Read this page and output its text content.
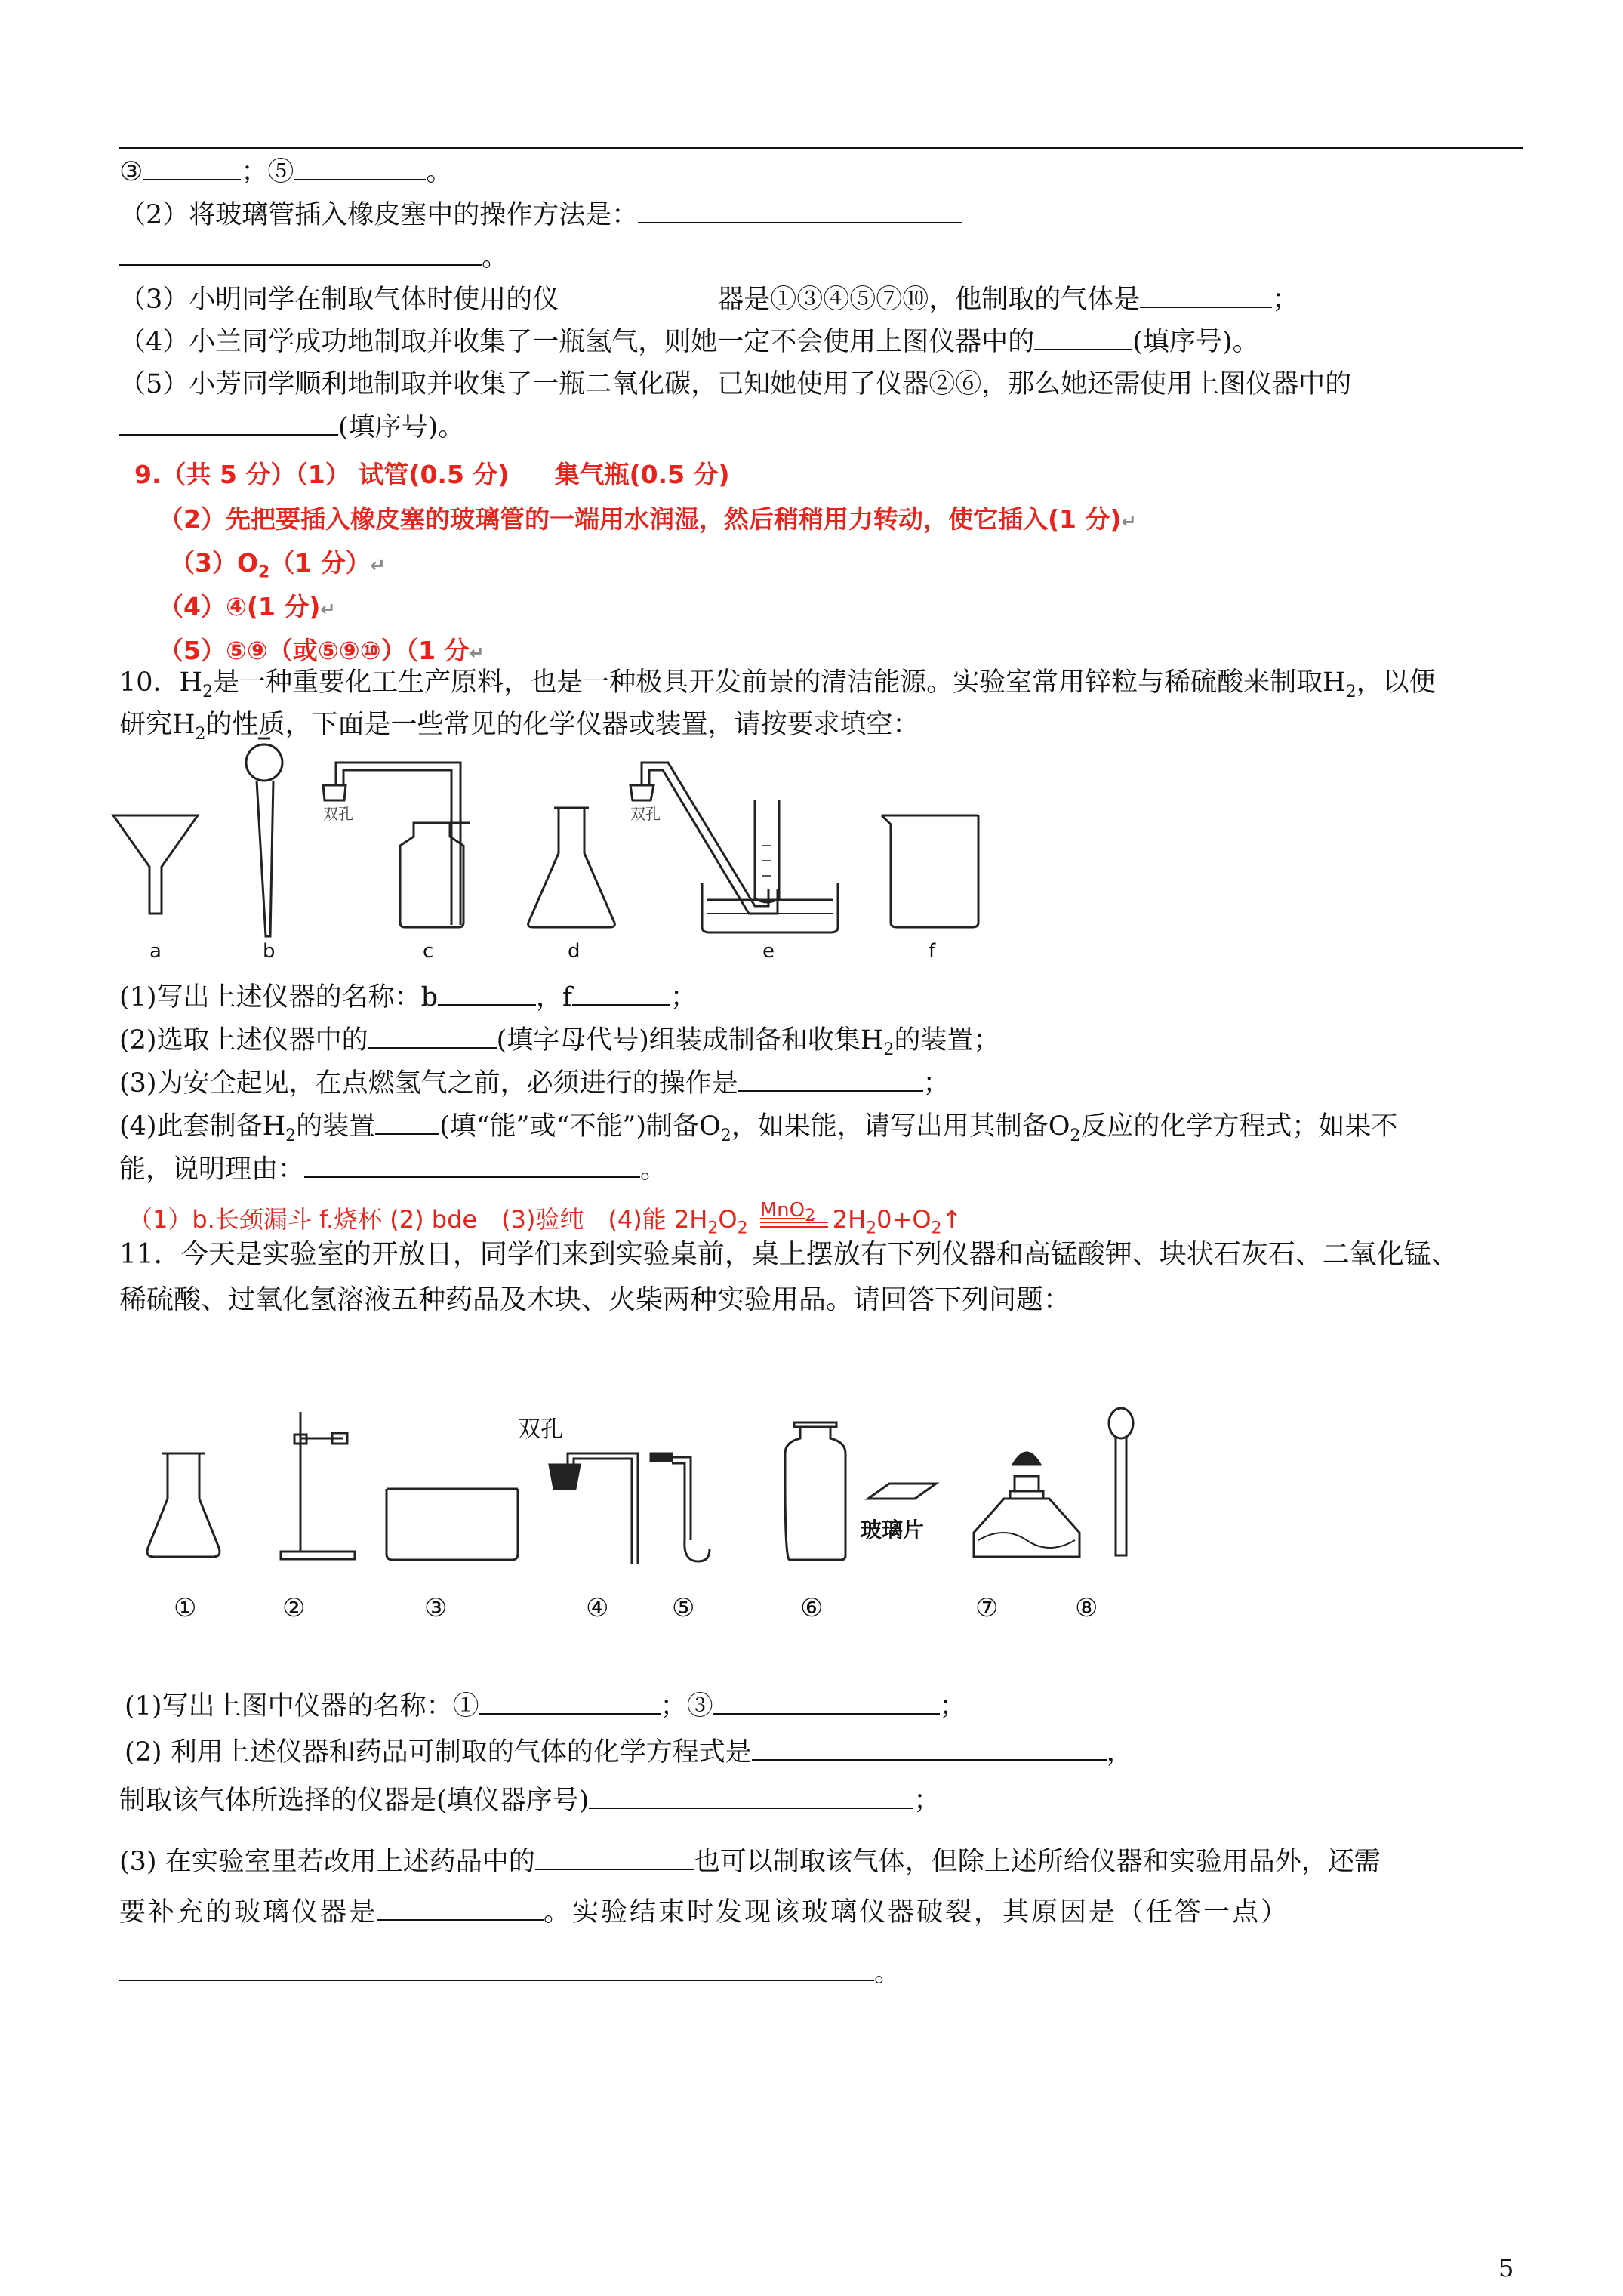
③	；⑤	。
（2）将玻璃管插入橡皮塞中的操作方法是：
。
（3）小明同学在制取气体时使用的仪	器是①③④⑤⑦⑩，他制取的气体是	；
（4）小兰同学成功地制取并收集了一瓶氢气，则她一定不会使用上图仪器中的	(填序号)。
（5）小芳同学顺利地制取并收集了一瓶二氧化碳，已知她使用了仪器②⑥，那么她还需使用上图仪器中的
(填序号)。
9.（共 5 分）（1） 试管(0.5 分) 集气瓶(0.5 分)
（2）先把要插入橡皮塞的玻璃管的一端用水润湿，然后稍稍用力转动，使它插入(1 分)↵
$(3)O_2(1$ 分）↵
（4）④(1 分)↵
（5）⑤⑨（或⑤⑨⑩）（1 分↵
10．$H_2$是一种重要化工生产原料，也是一种极具开发前景的清洁能源。实验室常用锌粒与稀硫酸来制取$H_2$，以便
研究$H_2$的性质，下面是一些常见的化学仪器或装置，请按要求填空：
双孔	双孔
a	b	c	d	e	f
(1)写出上述仪器的名称：b	，f	；
(2)选取上述仪器中的	(填字母代号)组装成制备和收集$H_2$的装置；
(3)为安全起见，在点燃氢气之前，必须进行的操作是	；
(4)此套制备$H_2$的装置 (填“能”或“不能”)制备$O_2$，如果能，请写出用其制备$O_2$反应的化学方程式；如果不
能，说明理由：	。
（1）b.长颈漏斗 f.烧杯 (2) bde　(3)验纯　(4)能 $2H_2O_2$
MnO$_2$ $2H_20+O_2↑$
11．今天是实验室的开放日，同学们来到实验桌前，桌上摆放有下列仪器和高锰酸钾、块状石灰石、二氧化锰、
稀硫酸、过氧化氢溶液五种药品及木块、火柴两种实验用品。请回答下列问题：
双孔
玻璃片
①	②	③	④ ⑤	⑥	⑦	⑧
(1)写出上图中仪器的名称：①	；③	；
(2) 利用上述仪器和药品可制取的气体的化学方程式是	，
制取该气体所选择的仪器是(填仪器序号)	；
(3) 在实验室里若改用上述药品中的	也可以制取该气体，但除上述所给仪器和实验用品外，还需
要补充的玻璃仪器是	。实验结束时发现该玻璃仪器破裂，其原因是（任答一点）
。
5
